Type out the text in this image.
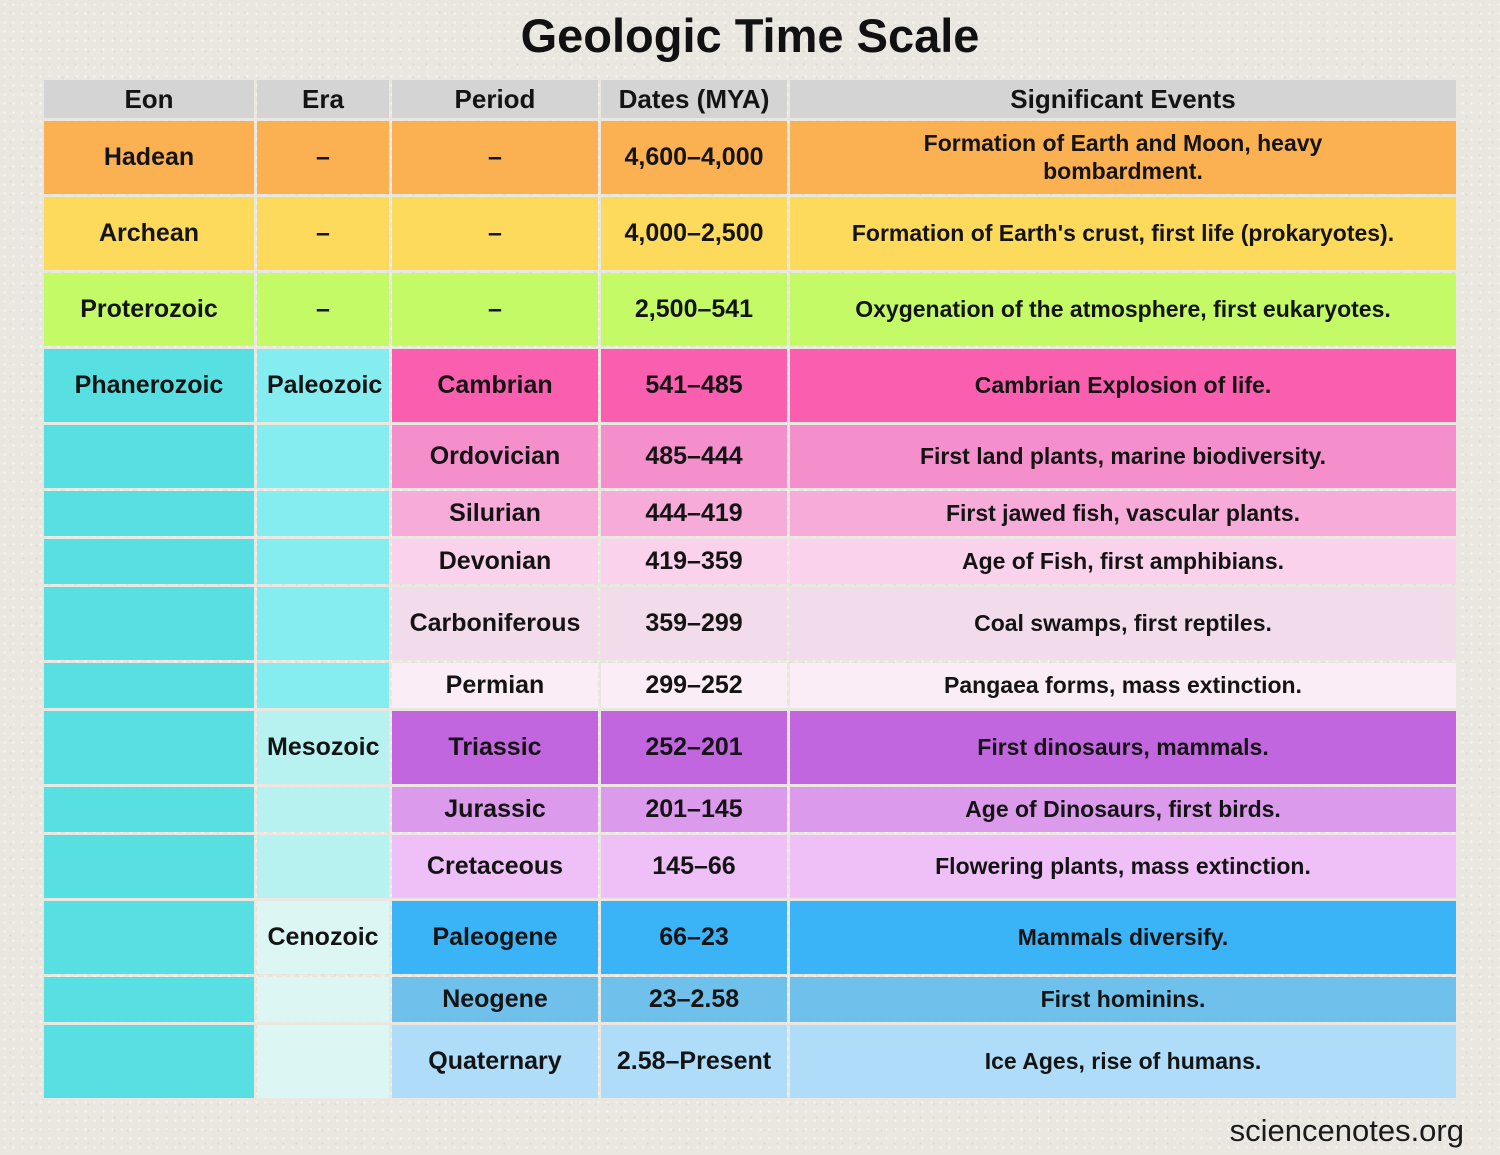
Geologic Time Scale
Eon	Era	Period	Dates (MYA)	Significant Events
Hadean	–	–	4,600–4,000	Formation of Earth and Moon, heavy bombardment.
Archean	–	–	4,000–2,500	Formation of Earth's crust, first life (prokaryotes).
Proterozoic	–	–	2,500–541	Oxygenation of the atmosphere, first eukaryotes.
Phanerozoic	Paleozoic	Cambrian	541–485	Cambrian Explosion of life.
		Ordovician	485–444	First land plants, marine biodiversity.
		Silurian	444–419	First jawed fish, vascular plants.
		Devonian	419–359	Age of Fish, first amphibians.
		Carboniferous	359–299	Coal swamps, first reptiles.
		Permian	299–252	Pangaea forms, mass extinction.
	Mesozoic	Triassic	252–201	First dinosaurs, mammals.
		Jurassic	201–145	Age of Dinosaurs, first birds.
		Cretaceous	145–66	Flowering plants, mass extinction.
	Cenozoic	Paleogene	66–23	Mammals diversify.
		Neogene	23–2.58	First hominins.
		Quaternary	2.58–Present	Ice Ages, rise of humans.
sciencenotes.org
